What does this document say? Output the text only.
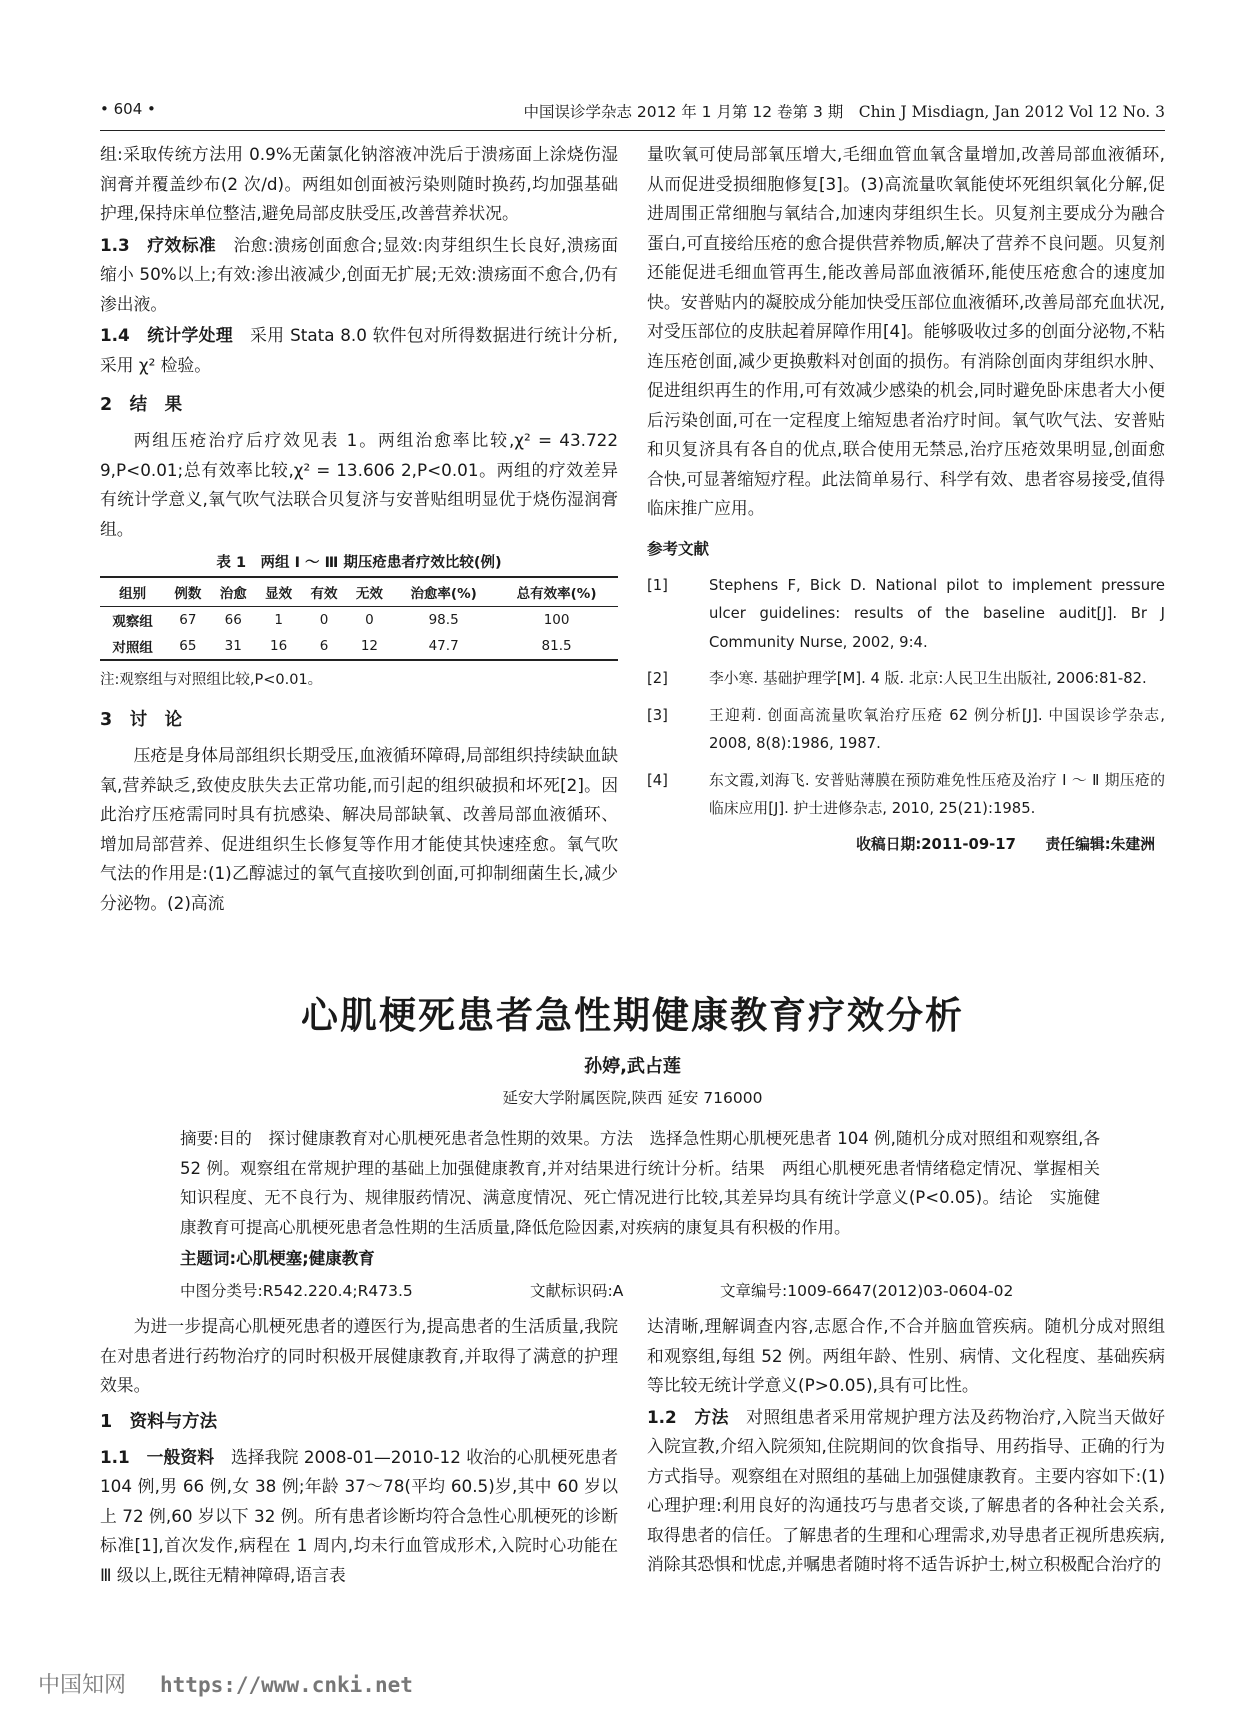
• 604 •	中国误诊学杂志 2012 年 1 月第 12 卷第 3 期　 Chin J Misdiagn, Jan 2012 Vol 12 No. 3

组:采取传统方法用 0.9%无菌氯化钠溶液冲洗后于溃疡面上涂烧伤湿润膏并覆盖纱布(2 次/d)。两组如创面被污染则随时换药,均加强基础护理,保持床单位整洁,避免局部皮肤受压,改善营养状况。

1.3　疗效标准　治愈:溃疡创面愈合;显效:肉芽组织生长良好,溃疡面缩小 50%以上;有效:渗出液减少,创面无扩展;无效:溃疡面不愈合,仍有渗出液。

1.4　统计学处理　采用 Stata 8.0 软件包对所得数据进行统计分析,采用 χ² 检验。

2　结　果

两组压疮治疗后疗效见表 1。两组治愈率比较,χ² = 43.722 9,P<0.01;总有效率比较,χ² = 13.606 2,P<0.01。两组的疗效差异有统计学意义,氧气吹气法联合贝复济与安普贴组明显优于烧伤湿润膏组。

表 1　两组 Ⅰ ～ Ⅲ 期压疮患者疗效比较(例)
组别	例数	治愈	显效	有效	无效	治愈率(%)	总有效率(%)
观察组	67	66	1	0	0	98.5	100
对照组	65	31	16	6	12	47.7	81.5
注:观察组与对照组比较,P<0.01。
3　讨　论

压疮是身体局部组织长期受压,血液循环障碍,局部组织持续缺血缺氧,营养缺乏,致使皮肤失去正常功能,而引起的组织破损和坏死[2]。因此治疗压疮需同时具有抗感染、解决局部缺氧、改善局部血液循环、增加局部营养、促进组织生长修复等作用才能使其快速痊愈。氧气吹气法的作用是:(1)乙醇滤过的氧气直接吹到创面,可抑制细菌生长,减少分泌物。(2)高流

量吹氧可使局部氧压增大,毛细血管血氧含量增加,改善局部血液循环,从而促进受损细胞修复[3]。(3)高流量吹氧能使坏死组织氧化分解,促进周围正常细胞与氧结合,加速肉芽组织生长。贝复剂主要成分为融合蛋白,可直接给压疮的愈合提供营养物质,解决了营养不良问题。贝复剂还能促进毛细血管再生,能改善局部血液循环,能使压疮愈合的速度加快。安普贴内的凝胶成分能加快受压部位血液循环,改善局部充血状况,对受压部位的皮肤起着屏障作用[4]。能够吸收过多的创面分泌物,不粘连压疮创面,减少更换敷料对创面的损伤。有消除创面肉芽组织水肿、促进组织再生的作用,可有效减少感染的机会,同时避免卧床患者大小便后污染创面,可在一定程度上缩短患者治疗时间。氧气吹气法、安普贴和贝复济具有各自的优点,联合使用无禁忌,治疗压疮效果明显,创面愈合快,可显著缩短疗程。此法简单易行、科学有效、患者容易接受,值得临床推广应用。

参考文献
[1]	Stephens F, Bick D. National pilot to implement pressure ulcer guidelines: results of the baseline audit[J]. Br J Community Nurse, 2002, 9:4.
[2]	李小寒. 基础护理学[M]. 4 版. 北京:人民卫生出版社, 2006:81-82.
[3]	王迎莉. 创面高流量吹氧治疗压疮 62 例分析[J]. 中国误诊学杂志, 2008, 8(8):1986, 1987.
[4]	东文霞,刘海飞. 安普贴薄膜在预防难免性压疮及治疗 Ⅰ ～ Ⅱ 期压疮的临床应用[J]. 护士进修杂志, 2010, 25(21):1985.
收稿日期:2011-09-17　　 责任编辑:朱建洲
心肌梗死患者急性期健康教育疗效分析
孙婷,武占莲
延安大学附属医院,陕西 延安 716000

摘要:目的　探讨健康教育对心肌梗死患者急性期的效果。方法　选择急性期心肌梗死患者 104 例,随机分成对照组和观察组,各 52 例。观察组在常规护理的基础上加强健康教育,并对结果进行统计分析。结果　两组心肌梗死患者情绪稳定情况、掌握相关知识程度、无不良行为、规律服药情况、满意度情况、死亡情况进行比较,其差异均具有统计学意义(P<0.05)。结论　实施健康教育可提高心肌梗死患者急性期的生活质量,降低危险因素,对疾病的康复具有积极的作用。

主题词:心肌梗塞;健康教育

中图分类号:R542.220.4;R473.5	文献标识码:A	文章编号:1009-6647(2012)03-0604-02

为进一步提高心肌梗死患者的遵医行为,提高患者的生活质量,我院在对患者进行药物治疗的同时积极开展健康教育,并取得了满意的护理效果。

1　资料与方法

1.1　一般资料　选择我院 2008-01—2010-12 收治的心肌梗死患者 104 例,男 66 例,女 38 例;年龄 37～78(平均 60.5)岁,其中 60 岁以上 72 例,60 岁以下 32 例。所有患者诊断均符合急性心肌梗死的诊断标准[1],首次发作,病程在 1 周内,均未行血管成形术,入院时心功能在 Ⅲ 级以上,既往无精神障碍,语言表

达清晰,理解调查内容,志愿合作,不合并脑血管疾病。随机分成对照组和观察组,每组 52 例。两组年龄、性别、病情、文化程度、基础疾病等比较无统计学意义(P>0.05),具有可比性。

1.2　方法　对照组患者采用常规护理方法及药物治疗,入院当天做好入院宣教,介绍入院须知,住院期间的饮食指导、用药指导、正确的行为方式指导。观察组在对照组的基础上加强健康教育。主要内容如下:(1)心理护理:利用良好的沟通技巧与患者交谈,了解患者的各种社会关系,取得患者的信任。了解患者的生理和心理需求,劝导患者正视所患疾病,消除其恐惧和忧虑,并嘱患者随时将不适告诉护士,树立积极配合治疗的

中国知网 https://www.cnki.net
